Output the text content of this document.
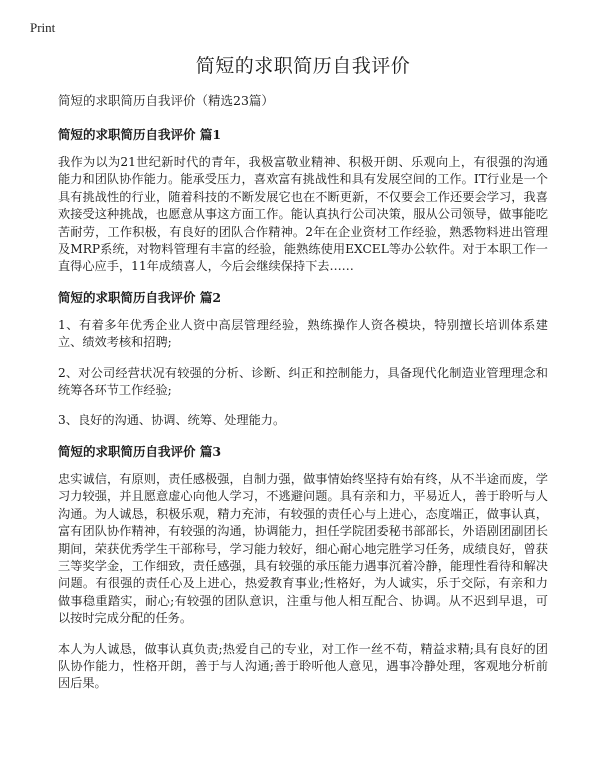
Print
简短的求职简历自我评价

简短的求职简历自我评价（精选23篇）

简短的求职简历自我评价 篇1

我作为以为21世纪新时代的青年，我极富敬业精神、积极开朗、乐观向上，有很强的沟通能力和团队协作能力。能承受压力，喜欢富有挑战性和具有发展空间的工作。IT行业是一个具有挑战性的行业，随着科技的不断发展它也在不断更新，不仅要会工作还要会学习，我喜欢接受这种挑战，也愿意从事这方面工作。能认真执行公司决策，服从公司领导，做事能吃苦耐劳，工作积极，有良好的团队合作精神。2年在企业资材工作经验，熟悉物料进出管理及MRP系统，对物料管理有丰富的经验，能熟练使用EXCEL等办公软件。对于本职工作一直得心应手，11年成绩喜人，今后会继续保持下去……

简短的求职简历自我评价 篇2

1、有着多年优秀企业人资中高层管理经验，熟练操作人资各模块，特别擅长培训体系建立、绩效考核和招聘;

2、对公司经营状况有较强的分析、诊断、纠正和控制能力，具备现代化制造业管理理念和统筹各环节工作经验;

3、良好的沟通、协调、统筹、处理能力。

简短的求职简历自我评价 篇3

忠实诚信，有原则，责任感极强，自制力强，做事情始终坚持有始有终，从不半途而废，学习力较强，并且愿意虚心向他人学习，不逃避问题。具有亲和力，平易近人，善于聆听与人沟通。为人诚恳，积极乐观，精力充沛，有较强的责任心与上进心，态度端正，做事认真，富有团队协作精神，有较强的沟通，协调能力，担任学院团委秘书部部长，外语剧团副团长期间，荣获优秀学生干部称号，学习能力较好，细心耐心地完胜学习任务，成绩良好，曾获三等奖学金，工作细致，责任感强，具有较强的承压能力遇事沉着冷静，能理性看待和解决问题。有很强的责任心及上进心，热爱教育事业;性格好，为人诚实，乐于交际，有亲和力做事稳重踏实，耐心;有较强的团队意识，注重与他人相互配合、协调。从不迟到早退，可以按时完成分配的任务。

本人为人诚恳，做事认真负责;热爱自己的专业，对工作一丝不苟，精益求精;具有良好的团队协作能力，性格开朗，善于与人沟通;善于聆听他人意见，遇事冷静处理，客观地分析前因后果。
